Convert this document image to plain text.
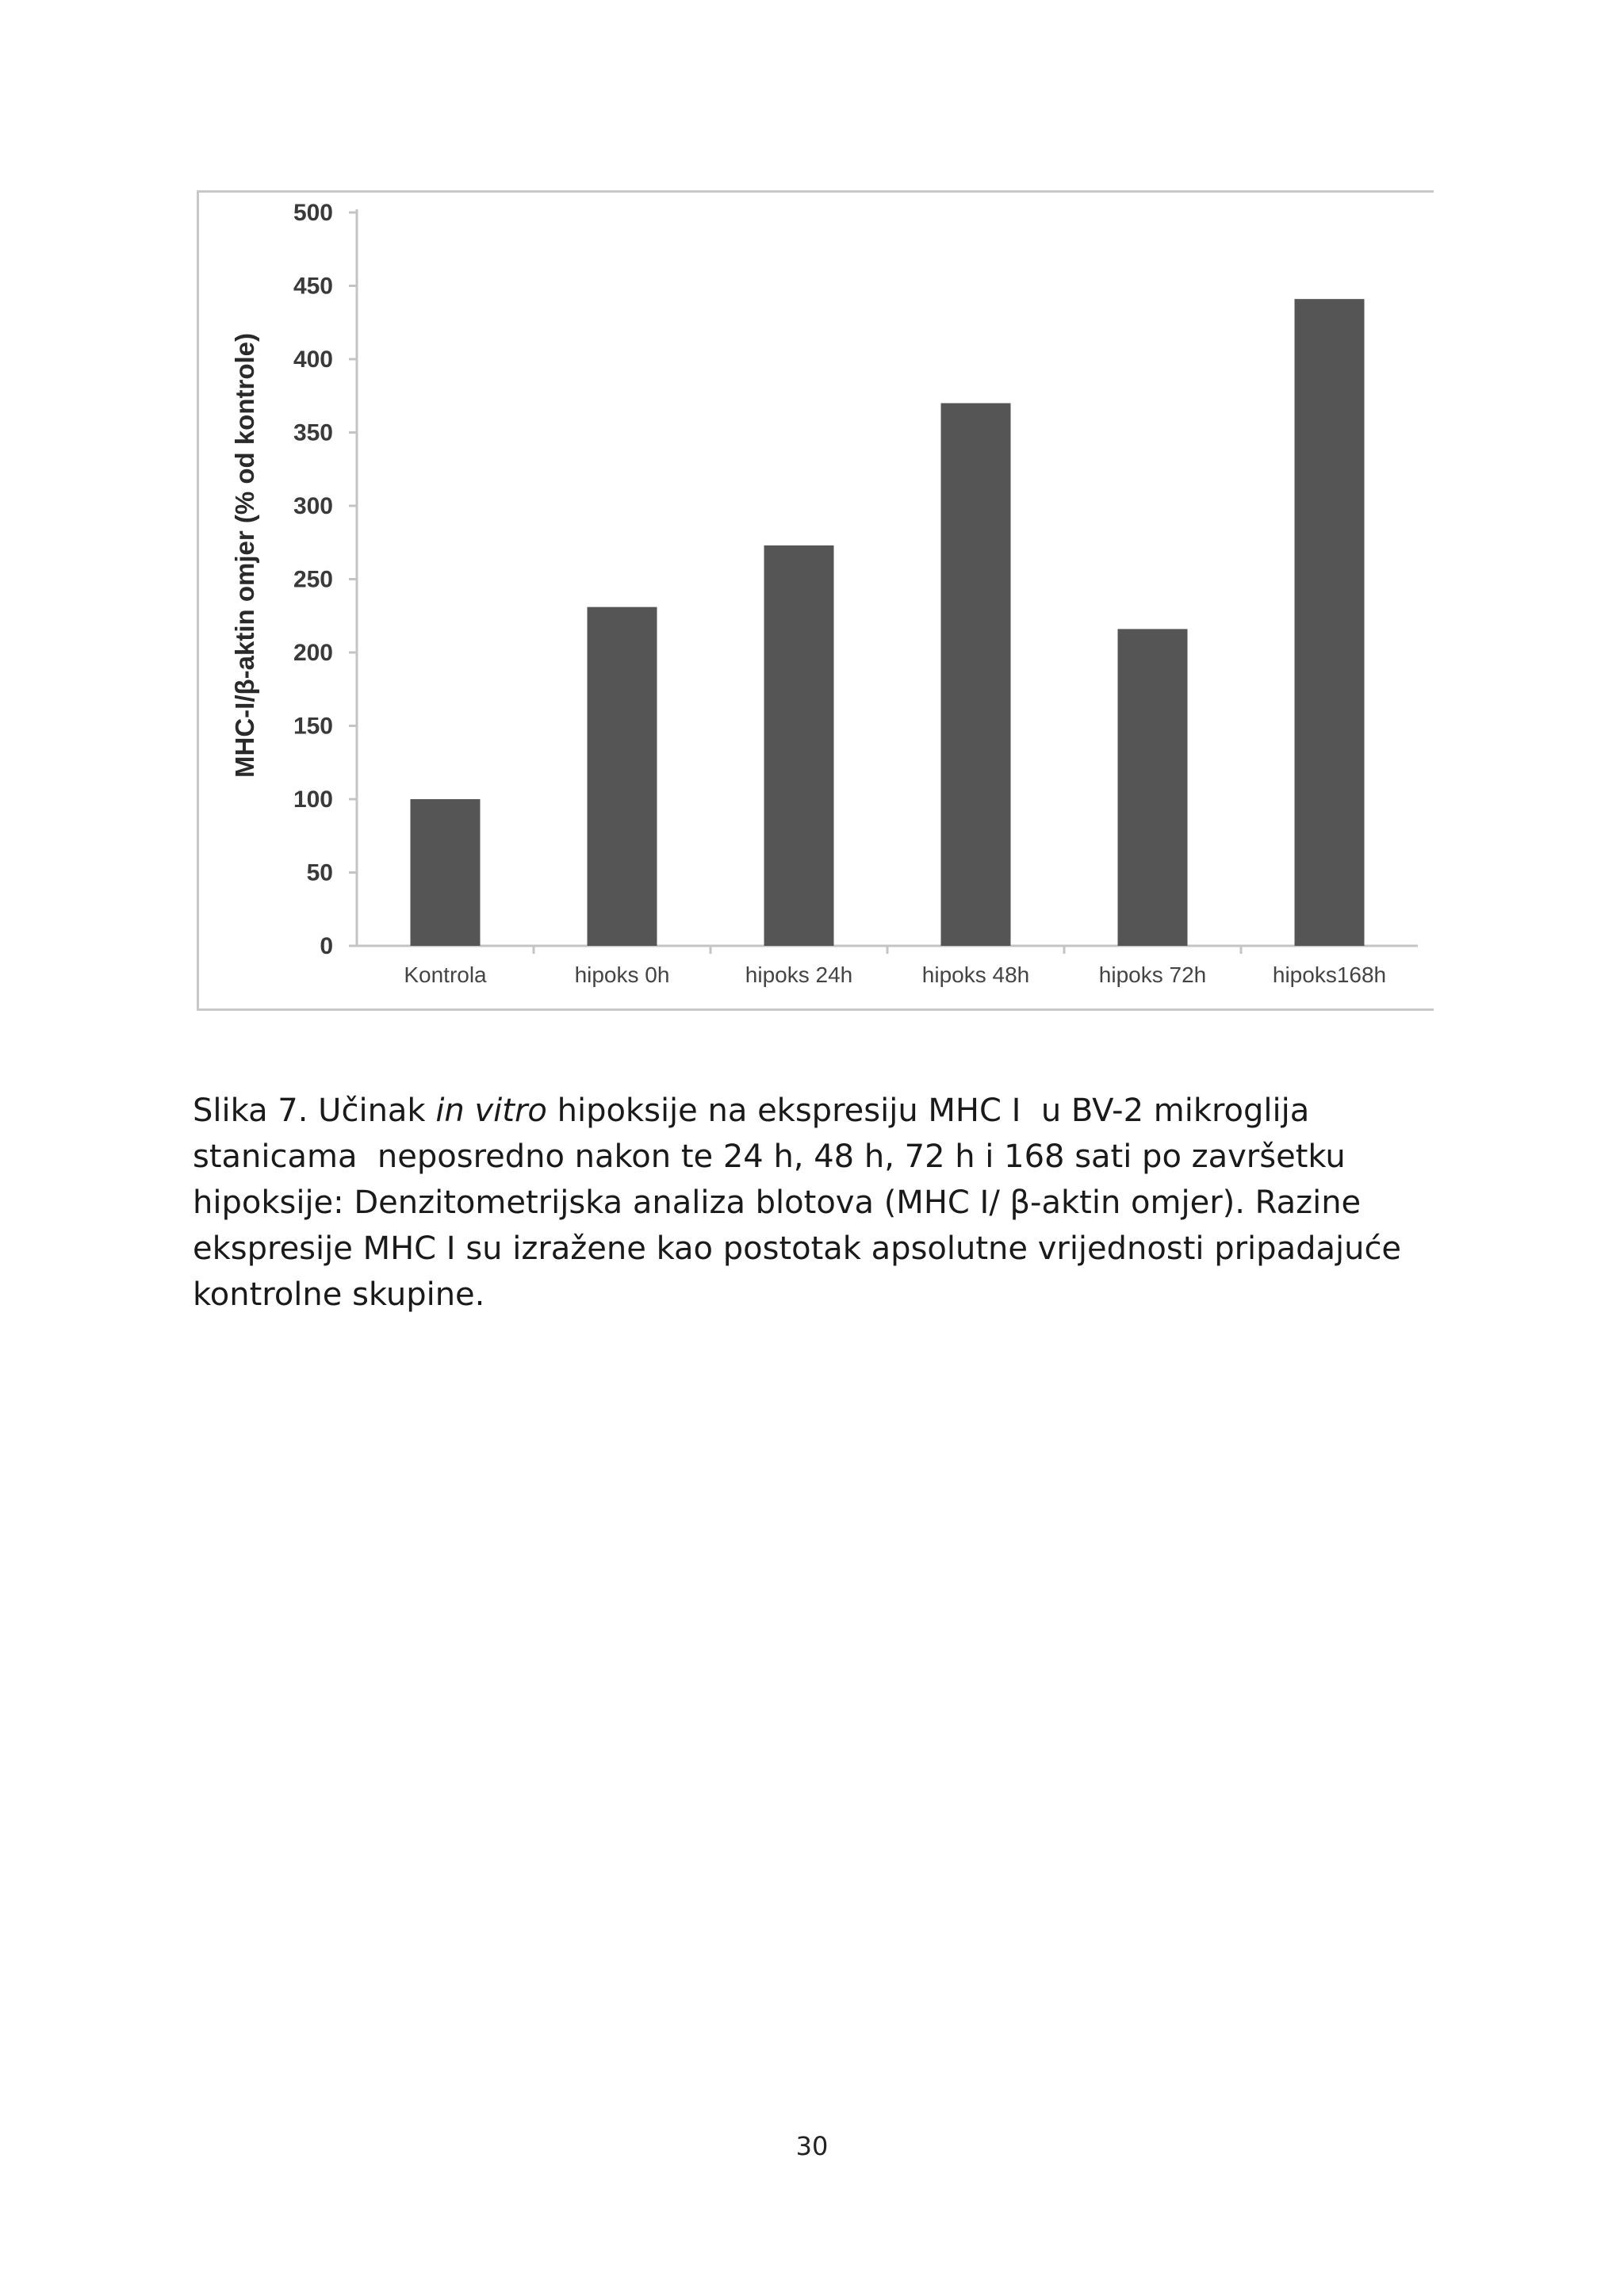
MHC-I/β-aktin omjer (% od kontrole)
0
50
100
150
200
250
300
350
400
450
500
Kontrola	hipoks 0h	hipoks 24h	hipoks 48h	hipoks 72h	hipoks168h

Slika 7. Učinak in vitro hipoksije na ekspresiju MHC I  u BV-2 mikroglija stanicama  neposredno nakon te 24 h, 48 h, 72 h i 168 sati po završetku hipoksije: Denzitometrijska analiza blotova (MHC I/ β-aktin omjer). Razine ekspresije MHC I su izražene kao postotak apsolutne vrijednosti pripadajuće kontrolne skupine.

30
